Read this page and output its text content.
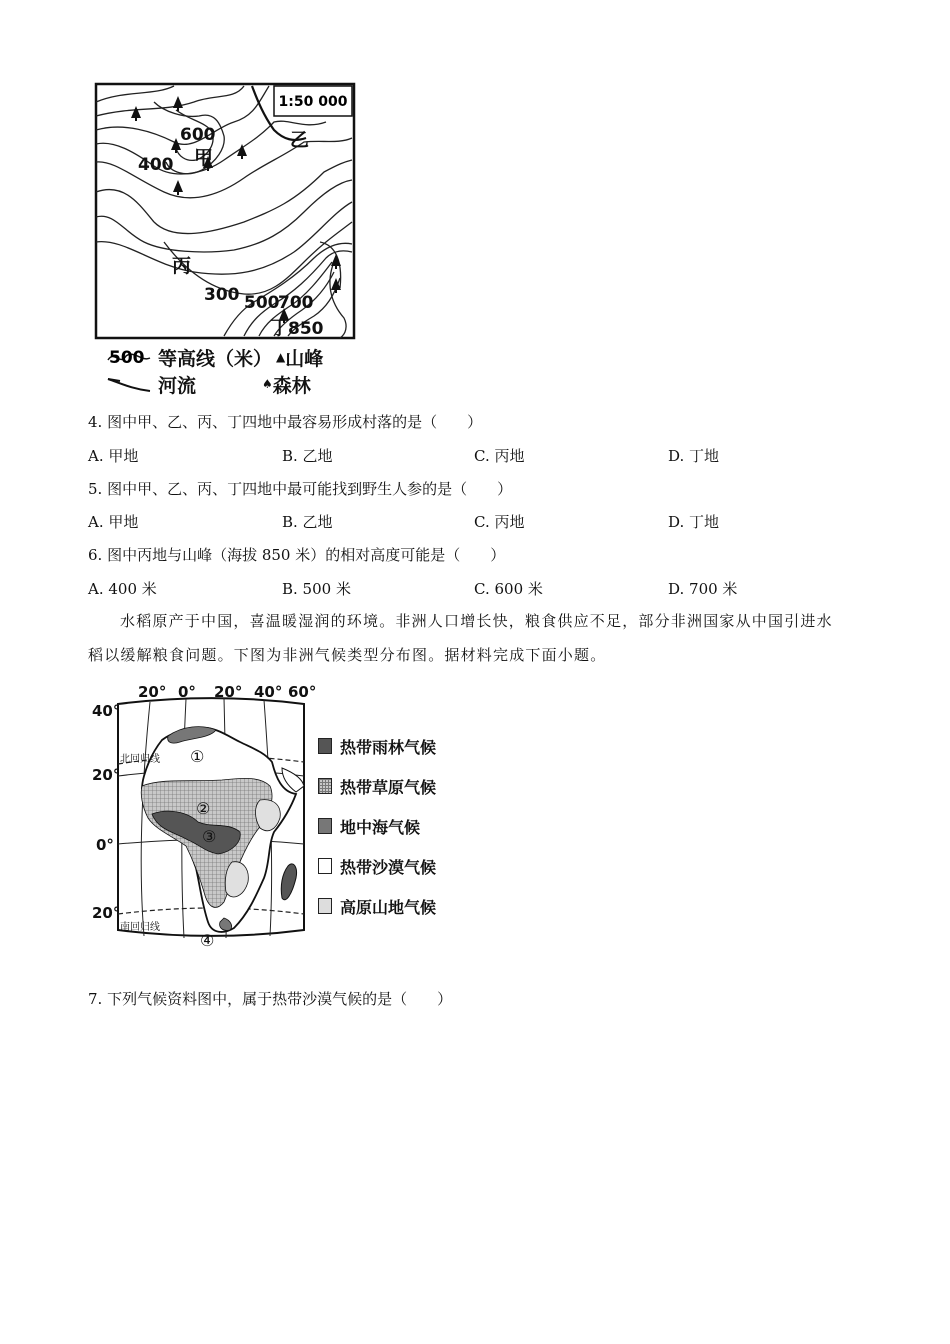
1:50 000
600
400
300 500
700
850
甲
乙
丙
丁
500 等高线（米） ▲ 山峰
河流	♠ 森林
4. 图中甲、乙、丙、丁四地中最容易形成村落的是（　　）
A. 甲地	B. 乙地	C. 丙地	D. 丁地
5. 图中甲、乙、丙、丁四地中最可能找到野生人参的是（　　）
A. 甲地	B. 乙地	C. 丙地	D. 丁地
6. 图中丙地与山峰（海拔 850 米）的相对高度可能是（　　）
A. 400 米	B. 500 米	C. 600 米	D. 700 米

水稻原产于中国，喜温暖湿润的环境。非洲人口增长快，粮食供应不足，部分非洲国家从中国引进水

稻以缓解粮食问题。下图为非洲气候类型分布图。据材料完成下面小题。

20° 0° 20° 40° 60°
40°
20°
0°
20°
北回归线
南回归线
①
②
③
④
热带雨林气候
热带草原气候
地中海气候
热带沙漠气候
高原山地气候
7. 下列气候资料图中，属于热带沙漠气候的是（　　）
